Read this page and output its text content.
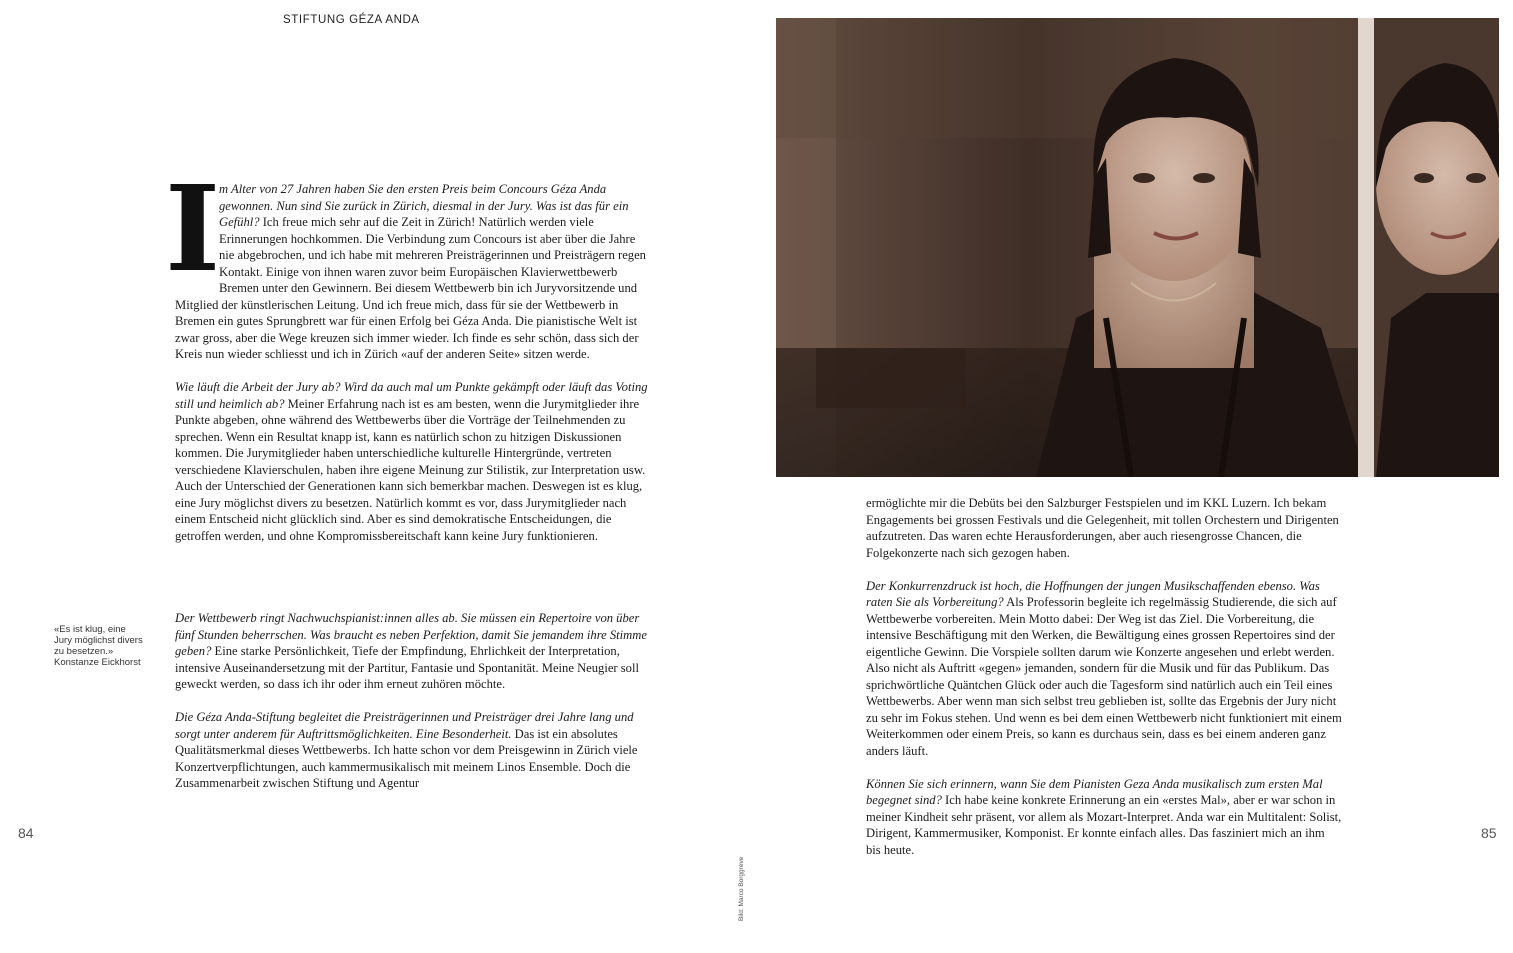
STIFTUNG GÉZA ANDA

I
m Alter von 27 Jahren haben Sie den ersten Preis beim Concours Géza Anda gewonnen. Nun sind Sie zurück in Zürich, diesmal in der Jury. Was ist das für ein Gefühl? Ich freue mich sehr auf die Zeit in Zürich! Natürlich werden viele Erinnerungen hochkommen. Die Verbindung zum Concours ist aber über die Jahre nie abgebrochen, und ich habe mit mehreren Preisträgerinnen und Preisträgern regen Kontakt. Einige von ihnen waren zuvor beim Europäischen Klavierwettbewerb Bremen unter den Gewinnern. Bei diesem Wettbewerb bin ich Juryvorsitzende und Mitglied der künstlerischen Leitung. Und ich freue mich, dass für sie der Wettbewerb in Bremen ein gutes Sprungbrett war für einen Erfolg bei Géza Anda. Die pianistische Welt ist zwar gross, aber die Wege kreuzen sich immer wieder. Ich finde es sehr schön, dass sich der Kreis nun wieder schliesst und ich in Zürich «auf der anderen Seite» sitzen werde.

Wie läuft die Arbeit der Jury ab? Wird da auch mal um Punkte gekämpft oder läuft das Voting still und heimlich ab? Meiner Erfahrung nach ist es am besten, wenn die Jurymitglieder ihre Punkte abgeben, ohne während des Wettbewerbs über die Vorträge der Teilnehmenden zu sprechen. Wenn ein Resultat knapp ist, kann es natürlich schon zu hitzigen Diskussionen kommen. Die Jurymitglieder haben unterschiedliche kulturelle Hintergründe, vertreten verschiedene Klavierschulen, haben ihre eigene Meinung zur Stilistik, zur Interpretation usw. Auch der Unterschied der Generationen kann sich bemerkbar machen. Deswegen ist es klug, eine Jury möglichst divers zu besetzen. Natürlich kommt es vor, dass Jurymitglieder nach einem Entscheid nicht glücklich sind. Aber es sind demokratische Entscheidungen, die getroffen werden, und ohne Kompromissbereitschaft kann keine Jury funktionieren.

Der Wettbewerb ringt Nachwuchspianist:innen alles ab. Sie müssen ein Repertoire von über fünf Stunden beherrschen. Was braucht es neben Perfektion, damit Sie jemandem ihre Stimme geben? Eine starke Persönlichkeit, Tiefe der Empfindung, Ehrlichkeit der Interpretation, intensive Auseinandersetzung mit der Partitur, Fantasie und Spontanität. Meine Neugier soll geweckt werden, so dass ich ihr oder ihm erneut zuhören möchte.

Die Géza Anda-Stiftung begleitet die Preisträgerinnen und Preisträger drei Jahre lang und sorgt unter anderem für Auftrittsmöglichkeiten. Eine Besonderheit. Das ist ein absolutes Qualitätsmerkmal dieses Wettbewerbs. Ich hatte schon vor dem Preisgewinn in Zürich viele Konzertverpflichtungen, auch kammermusikalisch mit meinem Linos Ensemble. Doch die Zusammenarbeit zwischen Stiftung und Agentur

«Es ist klug, eine
Jury möglichst divers
zu besetzen.»
Konstanze Eickhorst
84	85
Bild: Marco Borggreve

ermöglichte mir die Debüts bei den Salzburger Festspielen und im KKL Luzern. Ich bekam Engagements bei grossen Festivals und die Gelegenheit, mit tollen Orchestern und Dirigenten aufzutreten. Das waren echte Herausforderungen, aber auch riesengrosse Chancen, die Folgekonzerte nach sich gezogen haben.

Der Konkurrenzdruck ist hoch, die Hoffnungen der jungen Musikschaffenden ebenso. Was raten Sie als Vorbereitung? Als Professorin begleite ich regelmässig Studierende, die sich auf Wettbewerbe vorbereiten. Mein Motto dabei: Der Weg ist das Ziel. Die Vorbereitung, die intensive Beschäftigung mit den Werken, die Bewältigung eines grossen Repertoires sind der eigentliche Gewinn. Die Vorspiele sollten darum wie Konzerte angesehen und erlebt werden. Also nicht als Auftritt «gegen» jemanden, sondern für die Musik und für das Publikum. Das sprichwörtliche Quäntchen Glück oder auch die Tagesform sind natürlich auch ein Teil eines Wettbewerbs. Aber wenn man sich selbst treu geblieben ist, sollte das Ergebnis der Jury nicht zu sehr im Fokus stehen. Und wenn es bei dem einen Wettbewerb nicht funktioniert mit einem Weiterkommen oder einem Preis, so kann es durchaus sein, dass es bei einem anderen ganz anders läuft.

Können Sie sich erinnern, wann Sie dem Pianisten Geza Anda musikalisch zum ersten Mal begegnet sind? Ich habe keine konkrete Erinnerung an ein «erstes Mal», aber er war schon in meiner Kindheit sehr präsent, vor allem als Mozart-Interpret. Anda war ein Multitalent: Solist, Dirigent, Kammermusiker, Komponist. Er konnte einfach alles. Das fasziniert mich an ihm bis heute.
